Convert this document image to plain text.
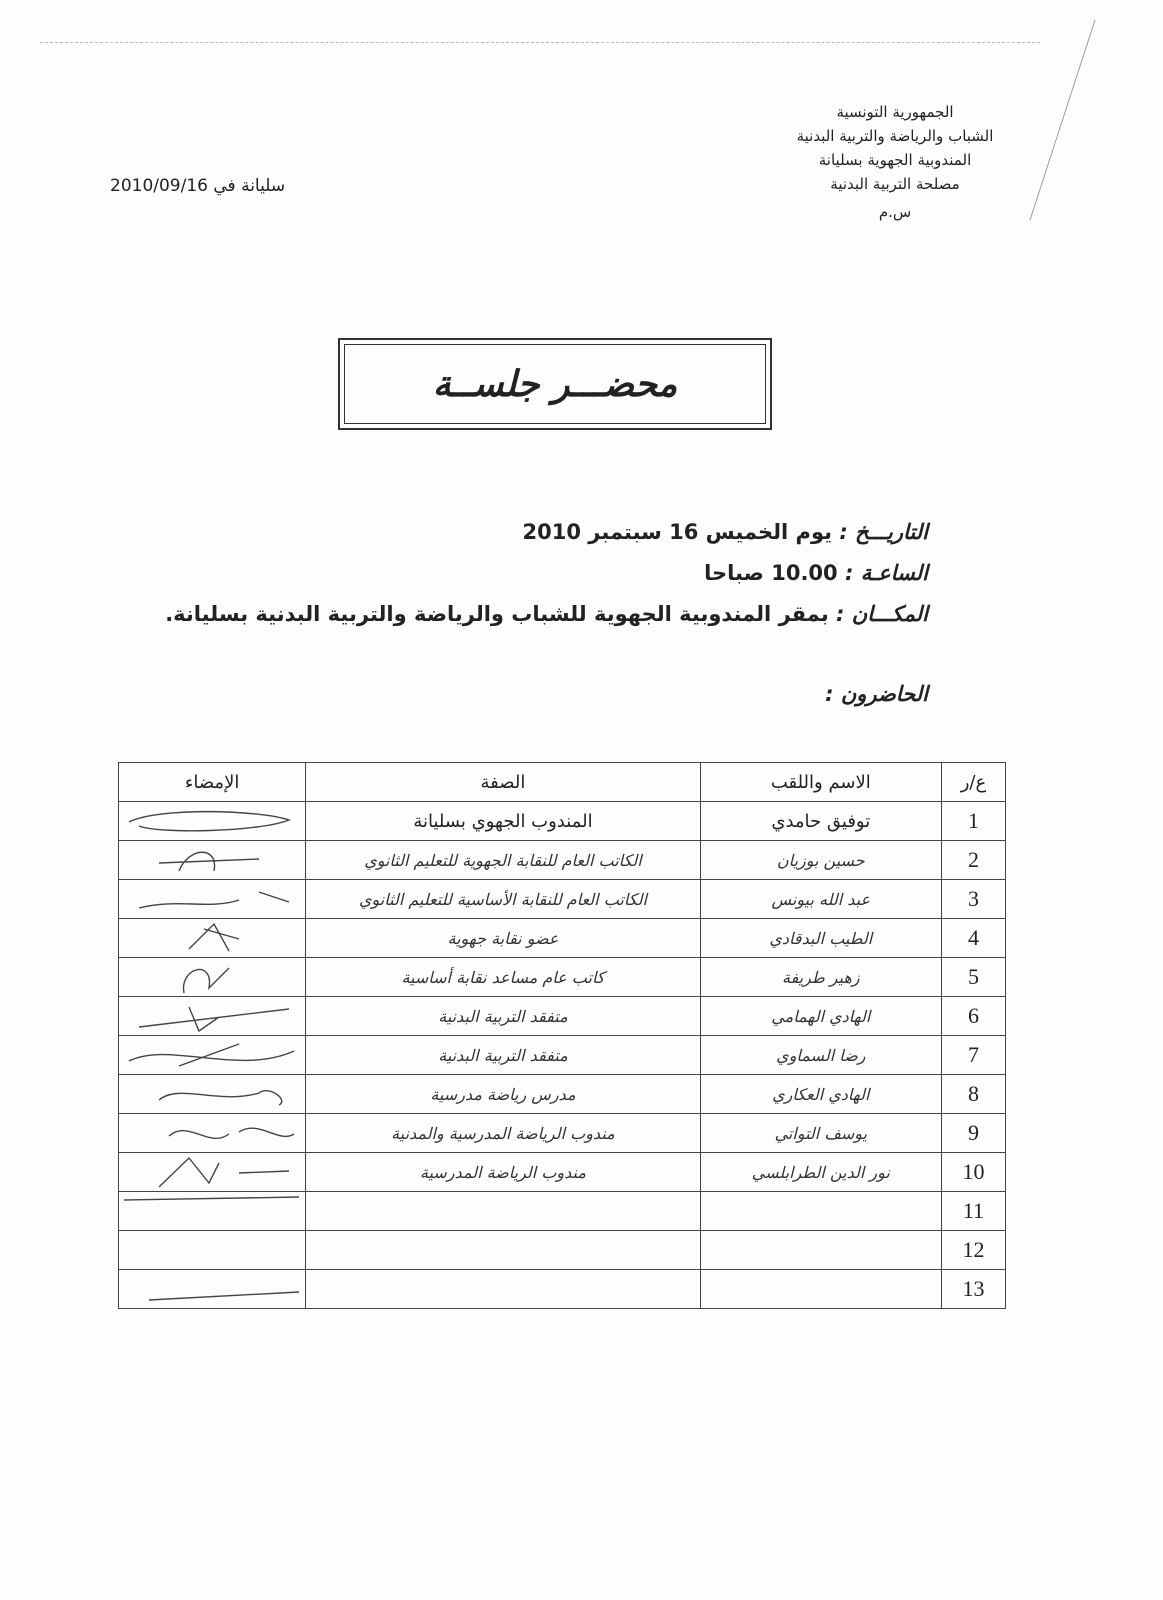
الجمهورية التونسية
الشباب والرياضة والتربية البدنية
المندوبية الجهوية بسليانة
مصلحة التربية البدنية
س.م
سليانة في 2010/09/16
محضـــر جلســة
التاريـــخ : يوم الخميس 16 سبتمبر 2010
الساعـة : 10.00 صباحا
المكـــان : بمقر المندوبية الجهوية للشباب والرياضة والتربية البدنية بسليانة.
الحاضرون :
ع/ر	الاسم واللقب	الصفة	الإمضاء
1	توفيق حامدي	المندوب الجهوي بسليانة	

2	حسين بوزيان	الكاتب العام للنقابة الجهوية للتعليم الثانوي	

3	عبد الله بيونس	الكاتب العام للنقابة الأساسية للتعليم الثانوي	

4	الطيب البدقادي	عضو نقابة جهوية	

5	زهير طريفة	كاتب عام مساعد نقابة أساسية	

6	الهادي الهمامي	متفقد التربية البدنية	

7	رضا السماوي	متفقد التربية البدنية	

8	الهادي العكاري	مدرس رياضة مدرسية	

9	يوسف التواتي	مندوب الرياضة المدرسية والمدنية	

10	نور الدين الطرابلسي	مندوب الرياضة المدرسية	

11			

12			

13			
